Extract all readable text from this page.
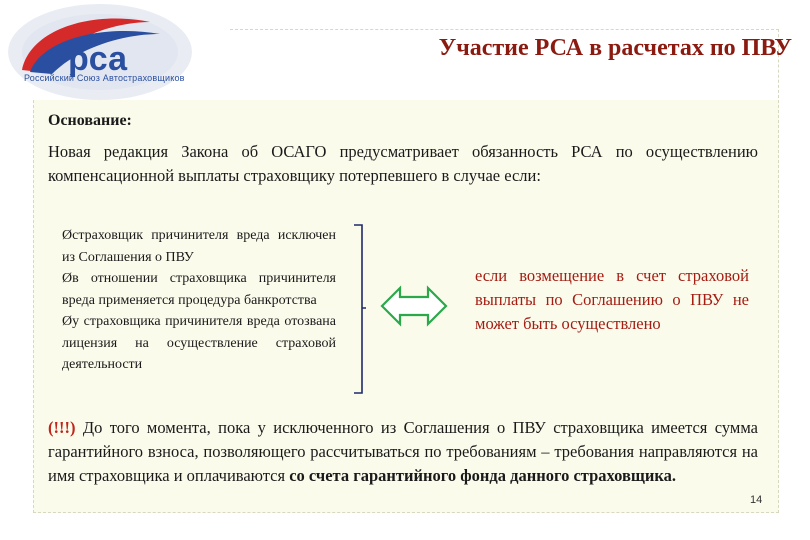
рса
Российский Союз Автостраховщиков
Участие РСА в расчетах по ПВУ
Основание:
Новая редакция Закона об ОСАГО предусматривает обязанность РСА по осуществлению компенсационной выплаты страховщику потерпевшего в случае если:
Øстраховщик причинителя вреда исключен из Соглашения о ПВУ
Øв отношении страховщика причинителя вреда применяется процедура банкротства
Øу страховщика причинителя вреда отозвана лицензия на осуществление страховой деятельности
если возмещение в счет страховой выплаты по Соглашению о ПВУ не может быть осуществлено
(!!!) До того момента, пока у исключенного из Соглашения о ПВУ страховщика имеется сумма гарантийного взноса, позволяющего рассчитываться по требованиям – требования направляются на имя страховщика и оплачиваются со счета гарантийного фонда данного страховщика.
14
